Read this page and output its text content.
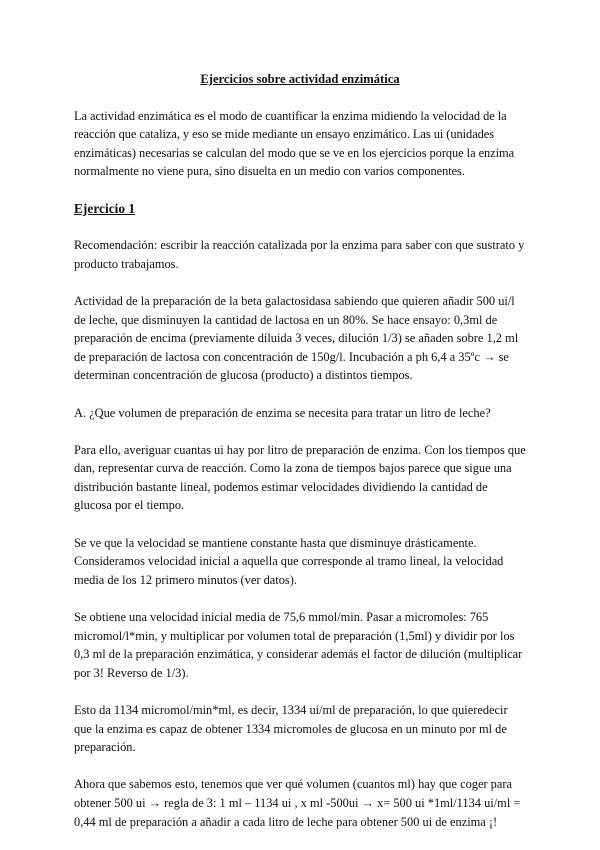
Ejercicios sobre actividad enzimática

La actividad enzimática es el modo de cuantificar la enzima midiendo la velocidad de la reacción que cataliza, y eso se mide mediante un ensayo enzimático. Las ui (unidades enzimáticas) necesarias se calculan del modo que se ve en los ejercicios porque la enzima normalmente no viene pura, sino disuelta en un medio con varios componentes.

Ejercicio 1

Recomendación: escribir la reacción catalizada por la enzima para saber con que sustrato y producto trabajamos.

Actividad de la preparación de la beta galactosidasa sabiendo que quieren añadir 500 ui/l de leche, que disminuyen la cantidad de lactosa en un 80%. Se hace ensayo: 0,3ml de preparación de encima (previamente diluida 3 veces, dilución 1/3) se añaden sobre 1,2 ml de preparación de lactosa con concentración de 150g/l. Incubación a ph 6,4 a 35ºc → se determinan concentración de glucosa (producto) a distintos tiempos.

A. ¿Que volumen de preparación de enzima se necesita para tratar un litro de leche?

Para ello, averiguar cuantas ui hay por litro de preparación de enzima. Con los tiempos que dan, representar curva de reacción. Como la zona de tiempos bajos parece que sigue una distribución bastante lineal, podemos estimar velocidades dividiendo la cantidad de glucosa por el tiempo.

Se ve que la velocidad se mantiene constante hasta que disminuye drásticamente. Consideramos velocidad inicial a aquella que corresponde al tramo lineal, la velocidad media de los 12 primero minutos (ver datos).

Se obtiene una velocidad inicial media de 75,6 mmol/min. Pasar a micromoles: 765 micromol/l*min, y multiplicar por volumen total de preparación (1,5ml) y dividir por los 0,3 ml de la preparación enzimática, y considerar además el factor de dilución (multiplicar por 3! Reverso de 1/3).

Esto da 1134 micromol/min*ml, es decir, 1334 ui/ml de preparación, lo que quieredecir que la enzima es capaz de obtener 1334 micromoles de glucosa en un minuto por ml de preparación.

Ahora que sabemos esto, tenemos que ver qué volumen (cuantos ml) hay que coger para obtener 500 ui → regla de 3: 1 ml – 1134 ui , x ml -500ui → x= 500 ui *1ml/1134 ui/ml = 0,44 ml de preparación a añadir a cada litro de leche para obtener 500 ui de enzima ¡!
